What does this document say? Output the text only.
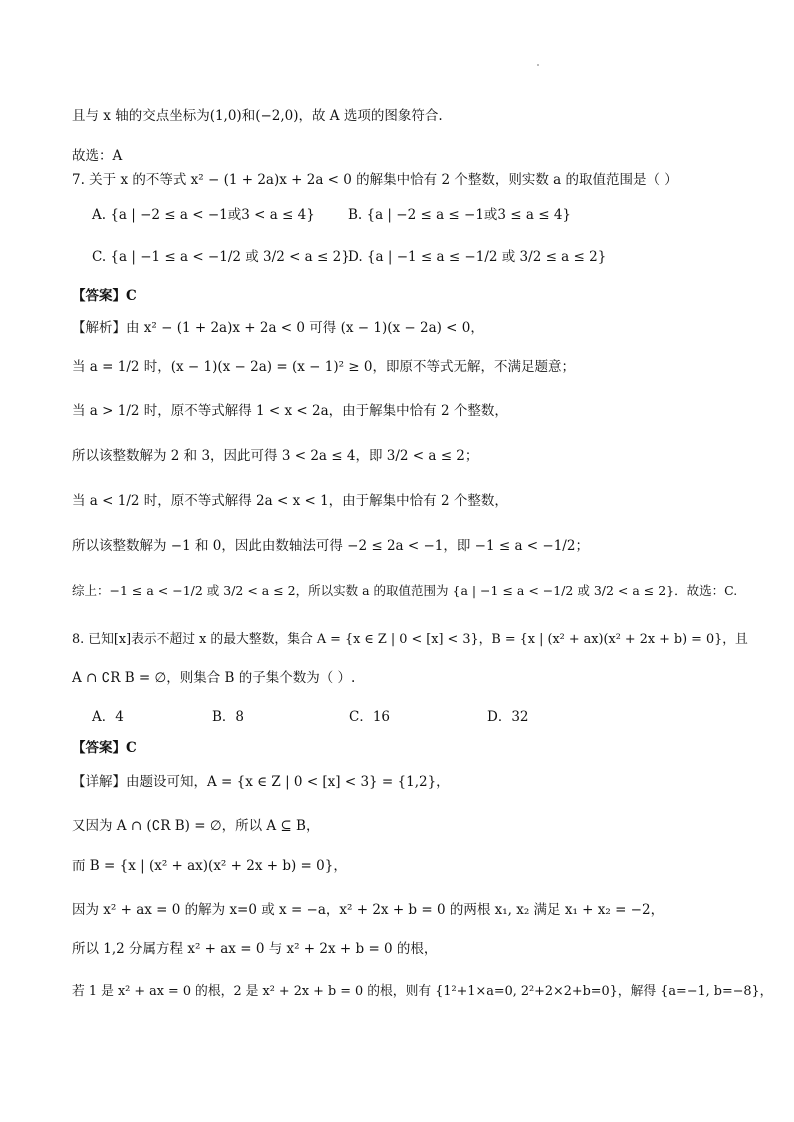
且与 x 轴的交点坐标为(1,0)和(−2,0)，故 A 选项的图象符合.
故选：A
7. 关于 x 的不等式 x² − (1 + 2a)x + 2a < 0 的解集中恰有 2 个整数，则实数 a 的取值范围是（ ）
A. {a | −2 ≤ a < −1或3 < a ≤ 4} B. {a | −2 ≤ a ≤ −1或3 ≤ a ≤ 4}
C. {a | −1 ≤ a < −1/2 或 3/2 < a ≤ 2}
D. {a | −1 ≤ a ≤ −1/2 或 3/2 ≤ a ≤ 2}
【答案】C
【解析】由 x² − (1 + 2a)x + 2a < 0 可得 (x − 1)(x − 2a) < 0，
当 a = 1/2 时，(x − 1)(x − 2a) = (x − 1)² ≥ 0，即原不等式无解，不满足题意；
当 a > 1/2 时，原不等式解得 1 < x < 2a，由于解集中恰有 2 个整数，
所以该整数解为 2 和 3，因此可得 3 < 2a ≤ 4，即 3/2 < a ≤ 2；
当 a < 1/2 时，原不等式解得 2a < x < 1，由于解集中恰有 2 个整数，
所以该整数解为 −1 和 0，因此由数轴法可得 −2 ≤ 2a < −1，即 −1 ≤ a < −1/2；
综上：−1 ≤ a < −1/2 或 3/2 < a ≤ 2，所以实数 a 的取值范围为 {a | −1 ≤ a < −1/2 或 3/2 < a ≤ 2}．故选：C.
8. 已知[x]表示不超过 x 的最大整数，集合 A = {x ∈ Z | 0 < [x] < 3}，B = {x | (x² + ax)(x² + 2x + b) = 0}，且
A ∩ ∁R B = ∅，则集合 B 的子集个数为（ ）.
A．4	B．8	C．16	D．32
【答案】C
【详解】由题设可知，A = {x ∈ Z | 0 < [x] < 3} = {1,2}，
又因为 A ∩ (∁R B) = ∅，所以 A ⊆ B，
而 B = {x | (x² + ax)(x² + 2x + b) = 0}，
因为 x² + ax = 0 的解为 x=0 或 x = −a，x² + 2x + b = 0 的两根 x₁, x₂ 满足 x₁ + x₂ = −2，
所以 1,2 分属方程 x² + ax = 0 与 x² + 2x + b = 0 的根，
若 1 是 x² + ax = 0 的根，2 是 x² + 2x + b = 0 的根，则有 {1²+1×a=0, 2²+2×2+b=0}，解得 {a=−1, b=−8}，
